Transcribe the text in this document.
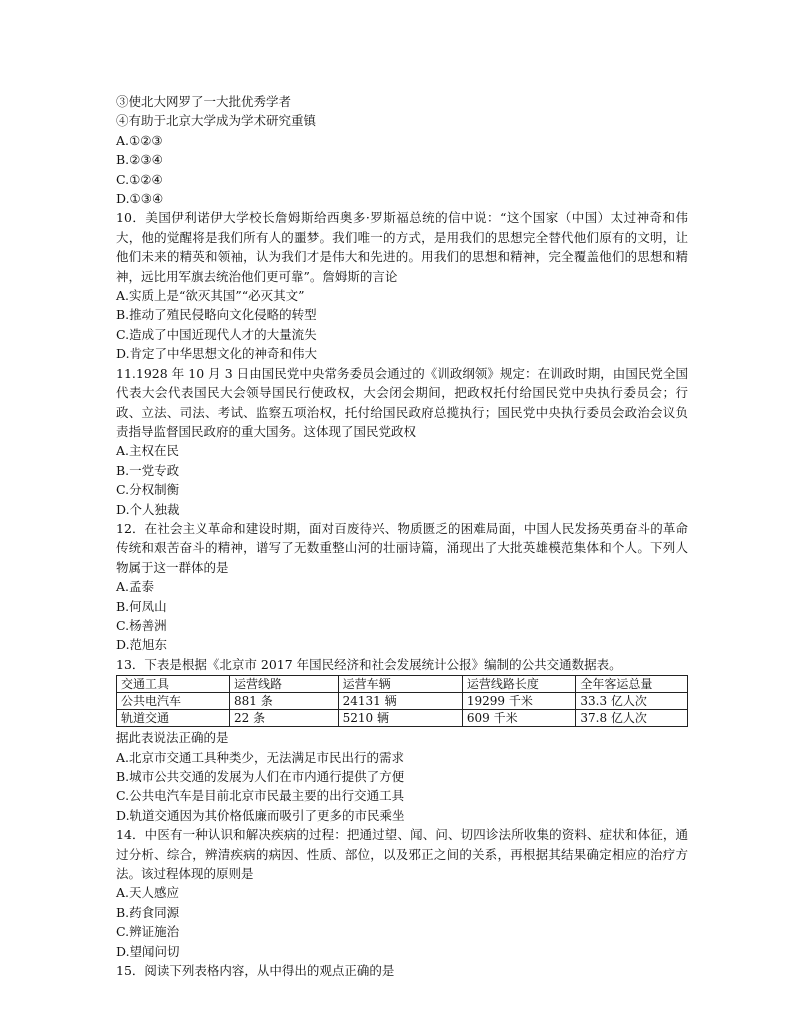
③使北大网罗了一大批优秀学者
④有助于北京大学成为学术研究重镇
A.①②③
B.②③④
C.①②④
D.①③④
10．美国伊利诺伊大学校长詹姆斯给西奥多·罗斯福总统的信中说：“这个国家（中国）太过神奇和伟大，他的觉醒将是我们所有人的噩梦。我们唯一的方式，是用我们的思想完全替代他们原有的文明，让他们未来的精英和领袖，认为我们才是伟大和先进的。用我们的思想和精神，完全覆盖他们的思想和精神，远比用军旗去统治他们更可靠”。詹姆斯的言论
A.实质上是“欲灭其国”“必灭其文”
B.推动了殖民侵略向文化侵略的转型
C.造成了中国近现代人才的大量流失
D.肯定了中华思想文化的神奇和伟大
11.1928 年 10 月 3 日由国民党中央常务委员会通过的《训政纲领》规定：在训政时期，由国民党全国代表大会代表国民大会领导国民行使政权，大会闭会期间，把政权托付给国民党中央执行委员会；行政、立法、司法、考试、监察五项治权，托付给国民政府总揽执行；国民党中央执行委员会政治会议负责指导监督国民政府的重大国务。这体现了国民党政权
A.主权在民
B.一党专政
C.分权制衡
D.个人独裁
12．在社会主义革命和建设时期，面对百废待兴、物质匮乏的困难局面，中国人民发扬英勇奋斗的革命传统和艰苦奋斗的精神，谱写了无数重整山河的壮丽诗篇，涌现出了大批英雄模范集体和个人。下列人物属于这一群体的是
A.孟泰
B.何凤山
C.杨善洲
D.范旭东
13．下表是根据《北京市 2017 年国民经济和社会发展统计公报》编制的公共交通数据表。
交通工具	运营线路	运营车辆	运营线路长度	全年客运总量
公共电汽车	881 条	24131 辆	19299 千米	33.3 亿人次
轨道交通	22 条	5210 辆	609 千米	37.8 亿人次
据此表说法正确的是
A.北京市交通工具种类少，无法满足市民出行的需求
B.城市公共交通的发展为人们在市内通行提供了方便
C.公共电汽车是目前北京市民最主要的出行交通工具
D.轨道交通因为其价格低廉而吸引了更多的市民乘坐
14．中医有一种认识和解决疾病的过程：把通过望、闻、问、切四诊法所收集的资料、症状和体征，通过分析、综合，辨清疾病的病因、性质、部位，以及邪正之间的关系，再根据其结果确定相应的治疗方法。该过程体现的原则是
A.天人感应
B.药食同源
C.辨证施治
D.望闻问切
15．阅读下列表格内容，从中得出的观点正确的是
